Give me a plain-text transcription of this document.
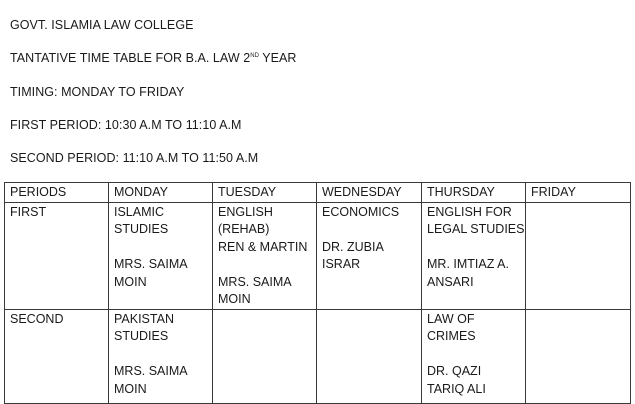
GOVT. ISLAMIA LAW COLLEGE
TANTATIVE TIME TABLE FOR B.A. LAW 2ND YEAR
TIMING: MONDAY TO FRIDAY
FIRST PERIOD: 10:30 A.M TO 11:10 A.M
SECOND PERIOD: 11:10 A.M TO 11:50 A.M
PERIODS	MONDAY	TUESDAY	WEDNESDAY	THURSDAY	FRIDAY
FIRST	ISLAMIC
STUDIES
MRS. SAIMA
MOIN	ENGLISH
(REHAB)
REN & MARTIN
MRS. SAIMA
MOIN	ECONOMICS
DR. ZUBIA
ISRAR	ENGLISH FOR
LEGAL STUDIES
MR. IMTIAZ A.
ANSARI	

SECOND	PAKISTAN
STUDIES
MRS. SAIMA
MOIN			LAW OF
CRIMES
DR. QAZI
TARIQ ALI	
